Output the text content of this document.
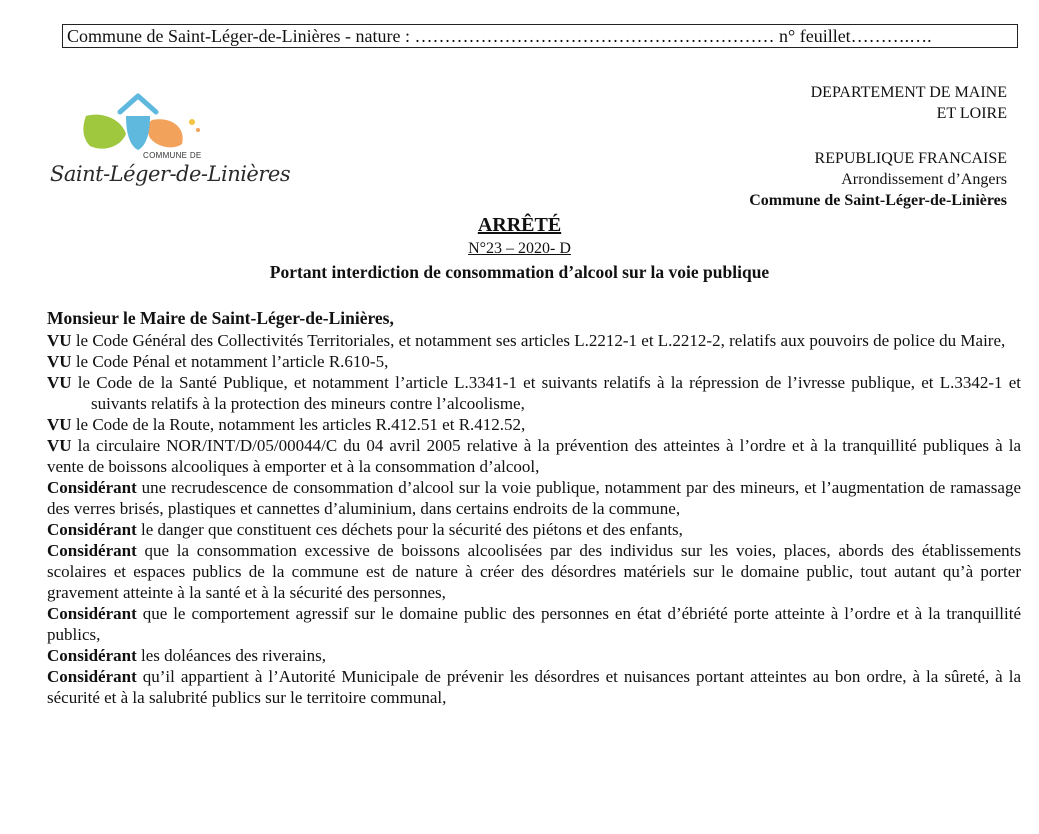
Commune de Saint-Léger-de-Linières - nature : …………………………………………………… n° feuillet……….….
COMMUNE DE
Saint-Léger-de-Linières
DEPARTEMENT DE MAINE
ET LOIRE
REPUBLIQUE FRANCAISE
Arrondissement d’Angers
Commune de Saint-Léger-de-Linières
ARRÊTÉ
N°23 – 2020- D
Portant interdiction de consommation d’alcool sur la voie publique
Monsieur le Maire de Saint-Léger-de-Linières,

VU le Code Général des Collectivités Territoriales, et notamment ses articles L.2212-1 et L.2212-2, relatifs aux pouvoirs de police du Maire,

VU le Code Pénal et notamment l’article R.610-5,

VU le Code de la Santé Publique, et notamment l’article L.3341-1 et suivants relatifs à la répression de l’ivresse publique, et L.3342-1 et suivants relatifs à la protection des mineurs contre l’alcoolisme,

VU le Code de la Route, notamment les articles R.412.51 et R.412.52,

VU la circulaire NOR/INT/D/05/00044/C du 04 avril 2005 relative à la prévention des atteintes à l’ordre et à la tranquillité publiques à la vente de boissons alcooliques à emporter et à la consommation d’alcool,

Considérant une recrudescence de consommation d’alcool sur la voie publique, notamment par des mineurs, et l’augmentation de ramassage des verres brisés, plastiques et cannettes d’aluminium, dans certains endroits de la commune,

Considérant le danger que constituent ces déchets pour la sécurité des piétons et des enfants,

Considérant que la consommation excessive de boissons alcoolisées par des individus sur les voies, places, abords des établissements scolaires et espaces publics de la commune est de nature à créer des désordres matériels sur le domaine public, tout autant qu’à porter gravement atteinte à la santé et à la sécurité des personnes,

Considérant que le comportement agressif sur le domaine public des personnes en état d’ébriété porte atteinte à l’ordre et à la tranquillité publics,

Considérant les doléances des riverains,

Considérant qu’il appartient à l’Autorité Municipale de prévenir les désordres et nuisances portant atteintes au bon ordre, à la sûreté, à la sécurité et à la salubrité publics sur le territoire communal,
